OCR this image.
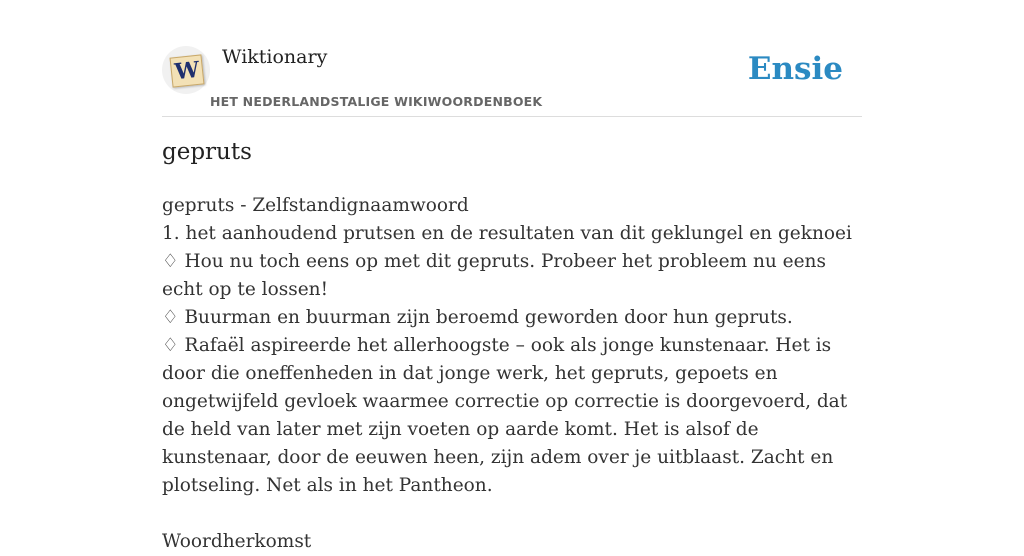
W Wiktionary
HET NEDERLANDSTALIGE WIKIWOORDENBOEK
Ensie
gepruts

gepruts - Zelfstandignaamwoord

1. het aanhoudend prutsen en de resultaten van dit geklungel en geknoei

♢ Hou nu toch eens op met dit gepruts. Probeer het probleem nu eens echt op te lossen!

♢ Buurman en buurman zijn beroemd geworden door hun gepruts.

♢ Rafaël aspireerde het allerhoogste – ook als jonge kunstenaar. Het is door die oneffenheden in dat jonge werk, het gepruts, gepoets en ongetwijfeld gevloek waarmee correctie op correctie is doorgevoerd, dat de held van later met zijn voeten op aarde komt. Het is alsof de kunstenaar, door de eeuwen heen, zijn adem over je uitblaast. Zacht en plotseling. Net als in het Pantheon.

Woordherkomst
